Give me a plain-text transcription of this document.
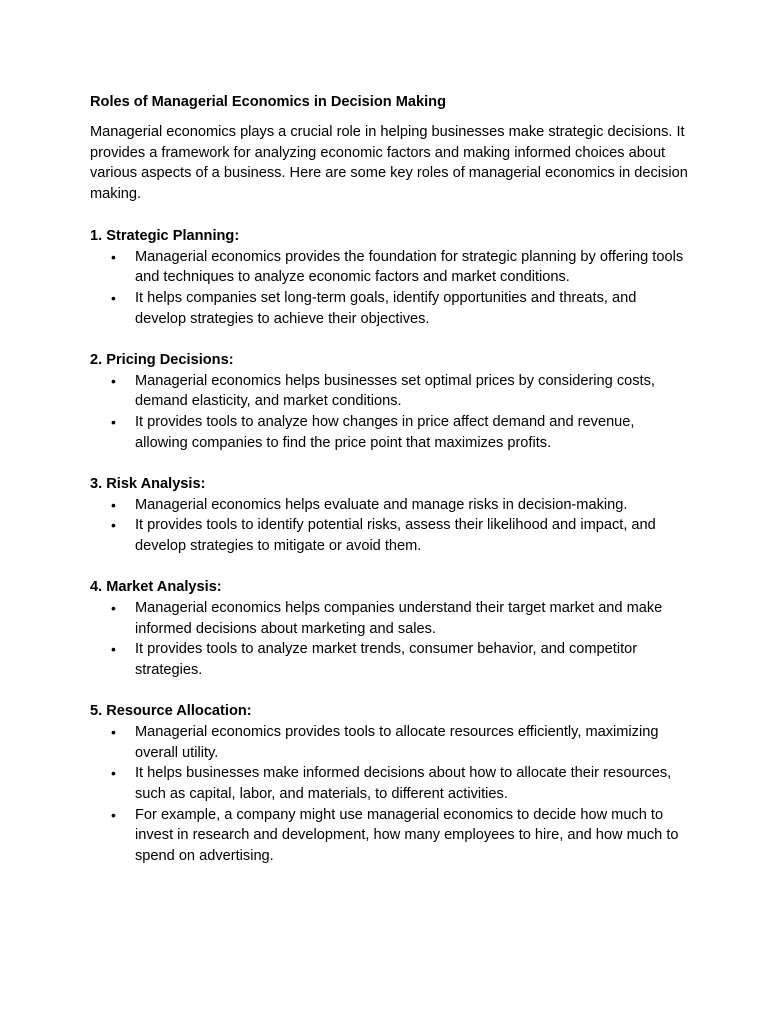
Roles of Managerial Economics in Decision Making
Managerial economics plays a crucial role in helping businesses make strategic decisions. It provides a framework for analyzing economic factors and making informed choices about various aspects of a business. Here are some key roles of managerial economics in decision making.
1. Strategic Planning:
• Managerial economics provides the foundation for strategic planning by offering tools and techniques to analyze economic factors and market conditions.
• It helps companies set long-term goals, identify opportunities and threats, and develop strategies to achieve their objectives.
2. Pricing Decisions:
• Managerial economics helps businesses set optimal prices by considering costs, demand elasticity, and market conditions.
• It provides tools to analyze how changes in price affect demand and revenue, allowing companies to find the price point that maximizes profits.
3. Risk Analysis:
• Managerial economics helps evaluate and manage risks in decision-making.
• It provides tools to identify potential risks, assess their likelihood and impact, and develop strategies to mitigate or avoid them.
4. Market Analysis:
• Managerial economics helps companies understand their target market and make informed decisions about marketing and sales.
• It provides tools to analyze market trends, consumer behavior, and competitor strategies.
5. Resource Allocation:
• Managerial economics provides tools to allocate resources efficiently, maximizing overall utility.
• It helps businesses make informed decisions about how to allocate their resources, such as capital, labor, and materials, to different activities.
• For example, a company might use managerial economics to decide how much to invest in research and development, how many employees to hire, and how much to spend on advertising.
